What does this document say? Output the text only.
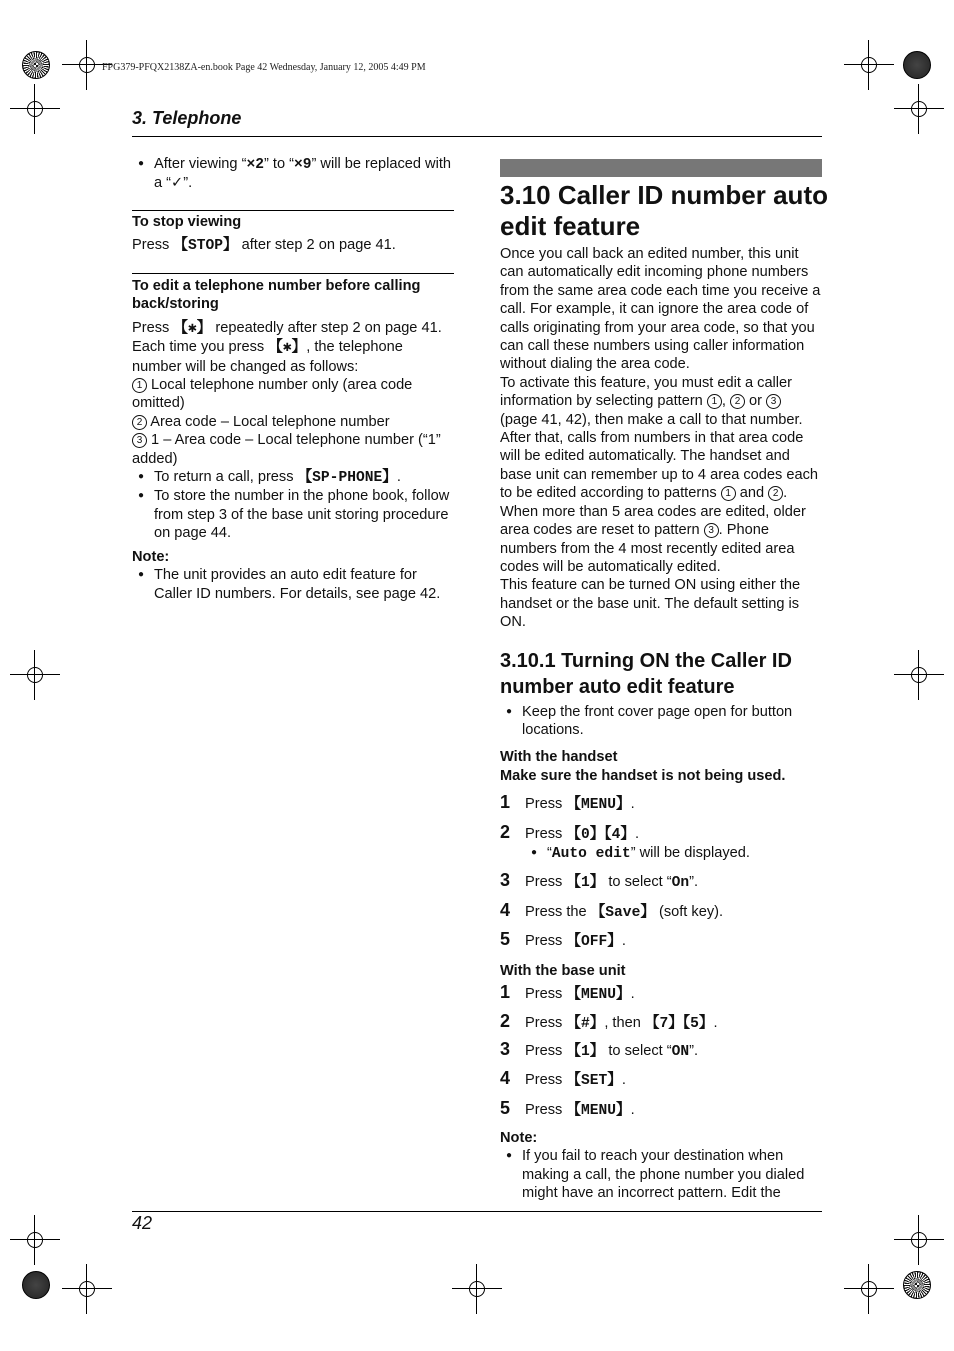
FPG379-PFQX2138ZA-en.book Page 42 Wednesday, January 12, 2005 4:49 PM
3. Telephone

● After viewing “×2” to “×9” will be replaced with a “✓”.

To stop viewing

Press 【STOP】 after step 2 on page 41.

To edit a telephone number before calling back/storing

Press 【✱】 repeatedly after step 2 on page 41. Each time you press 【✱】, the telephone number will be changed as follows:

1 Local telephone number only (area code omitted)

2 Area code – Local telephone number

3 1 – Area code – Local telephone number (“1” added)

● To return a call, press 【SP-PHONE】.

● To store the number in the phone book, follow from step 3 of the base unit storing procedure on page 44.

Note:

● The unit provides an auto edit feature for Caller ID numbers. For details, see page 42.

3.10 Caller ID number auto edit feature

Once you call back an edited number, this unit can automatically edit incoming phone numbers from the same area code each time you receive a call. For example, it can ignore the area code of calls originating from your area code, so that you can call these numbers using caller information without dialing the area code.

To activate this feature, you must edit a caller information by selecting pattern 1 , 2 or 3 (page 41, 42), then make a call to that number. After that, calls from numbers in that area code will be edited automatically. The handset and base unit can remember up to 4 area codes each to be edited according to patterns 1 and 2 . When more than 5 area codes are edited, older area codes are reset to pattern 3 . Phone numbers from the 4 most recently edited area codes will be automatically edited.

This feature can be turned ON using either the handset or the base unit. The default setting is ON.

3.10.1 Turning ON the Caller ID number auto edit feature

● Keep the front cover page open for button locations.

With the handset

Make sure the handset is not being used.

1 Press 【MENU】.

2 Press 【0】【4】.

● “Auto edit” will be displayed.

3 Press 【1】 to select “On”.

4 Press the 【Save】 (soft key).

5 Press 【OFF】.

With the base unit

1 Press 【MENU】.

2 Press 【#】, then 【7】【5】.

3 Press 【1】 to select “ON”.

4 Press 【SET】.

5 Press 【MENU】.

Note:

● If you fail to reach your destination when making a call, the phone number you dialed might have an incorrect pattern. Edit the

42
